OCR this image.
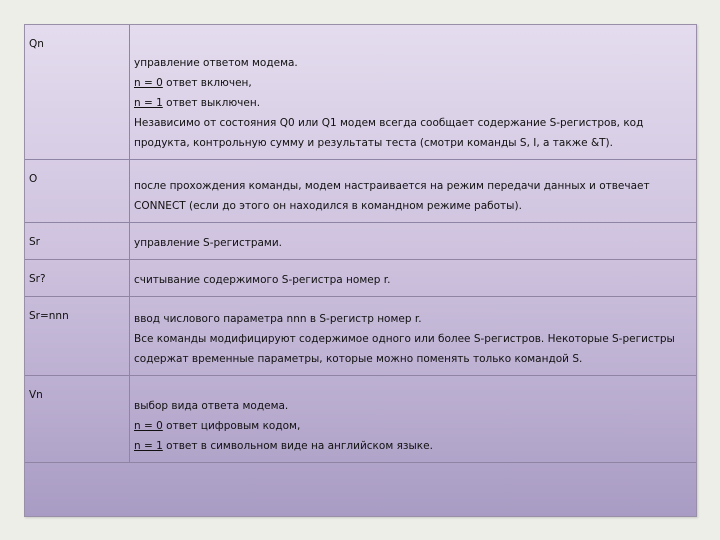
Qn	управление ответом модема.
n = 0 ответ включен,
n = 1 ответ выключен.
Независимо от состояния Q0 или Q1 модем всегда сообщает содержание S-регистров, код
продукта, контрольную сумму и результаты теста (смотри команды S, I, а также &T).

O	после прохождения команды, модем настраивается на режим передачи данных и отвечает
CONNECT (если до этого он находился в командном режиме работы).

Sr	управление S-регистрами.

Sr?	считывание содержимого S-регистра номер r.

Sr=nnn	ввод числового параметра nnn в S-регистр номер r.
Все команды модифицируют содержимое одного или более S-регистров. Некоторые S-регистры
содержат временные параметры, которые можно поменять только командой S.

Vn	выбор вида ответа модема.
n = 0 ответ цифровым кодом,
n = 1 ответ в символьном виде на английском языке.
